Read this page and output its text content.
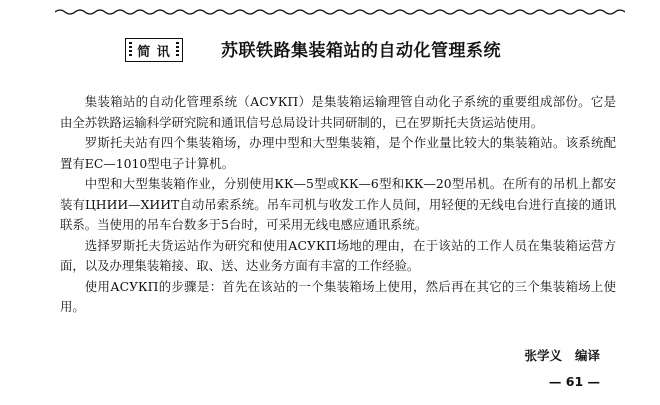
简 讯	苏联铁路集装箱站的自动化管理系统

集装箱站的自动化管理系统（АСУКП）是集装箱运输理管自动化子系统的重要组成部份。它是由全苏铁路运输科学研究院和通讯信号总局设计共同研制的，已在罗斯托夫货运站使用。

罗斯托夫站有四个集装箱场，办理中型和大型集装箱，是个作业量比较大的集装箱站。该系统配置有ЕС—1010型电子计算机。

中型和大型集装箱作业，分别使用КК—5型或КК—6型和КК—20型吊机。在所有的吊机上都安装有ЦНИИ—ХИИТ自动吊索系统。吊车司机与收发工作人员间，用轻便的无线电台进行直接的通讯联系。当使用的吊车台数多于5台时，可采用无线电感应通讯系统。

选择罗斯托夫货运站作为研究和使用АСУКП场地的理由，在于该站的工作人员在集装箱运营方面，以及办理集装箱接、取、送、达业务方面有丰富的工作经验。

使用АСУКП的步骤是：首先在该站的一个集装箱场上使用，然后再在其它的三个集装箱场上使用。

张学义   编译
— 61 —
